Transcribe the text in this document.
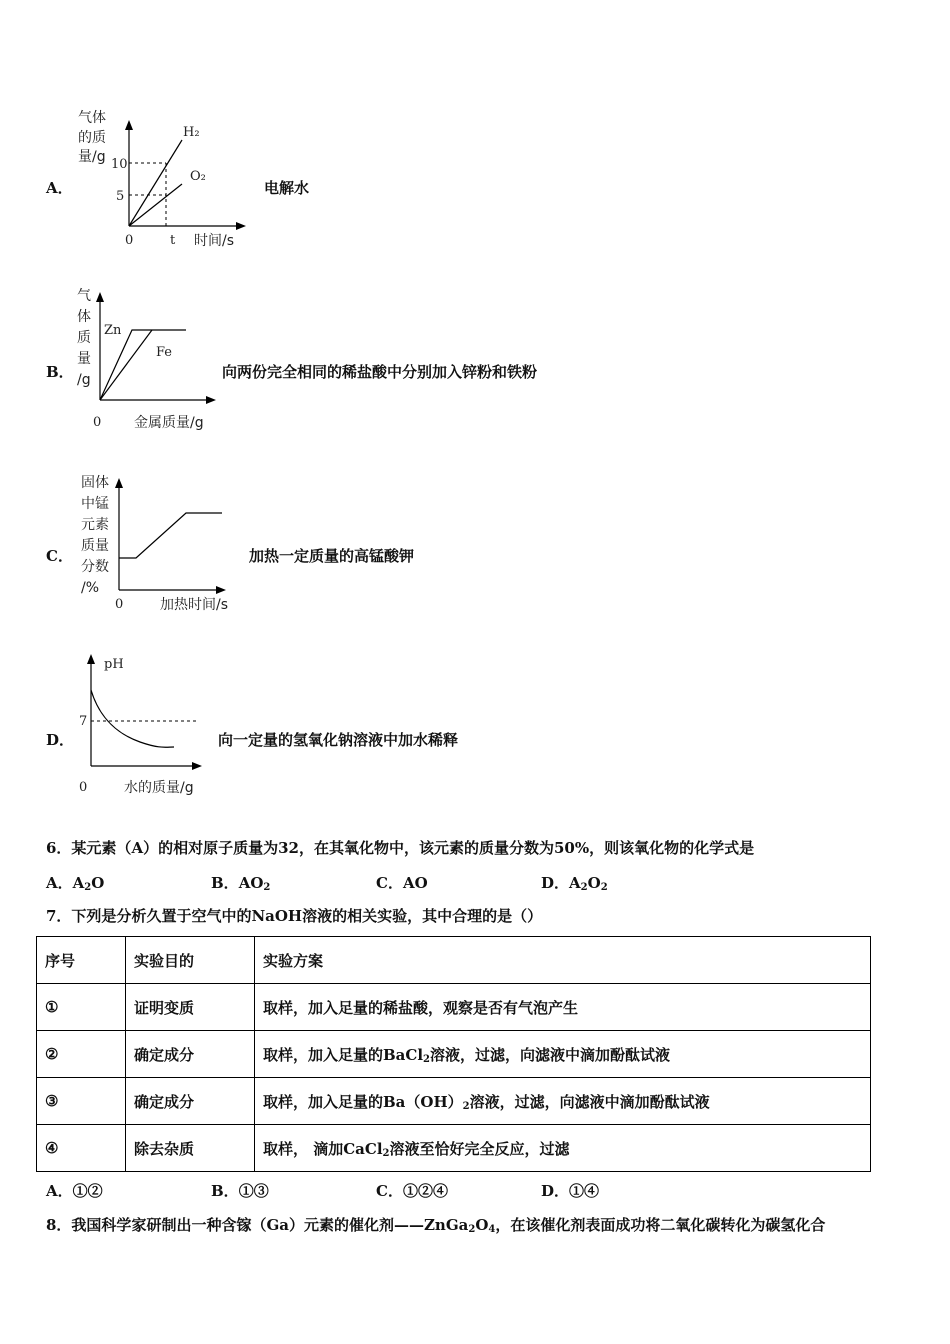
A．
气体
的质
量/g 10
5
H₂
O₂
0	t 时间/s
电解水
B．
气
体
质
量
/g
Zn
Fe
0 金属质量/g
向两份完全相同的稀盐酸中分别加入锌粉和铁粉
C．
固体
中锰
元素
质量
分数
/%
0	加热时间/s
加热一定质量的高锰酸钾
D．
pH
7
0	水的质量/g
向一定量的氢氧化钠溶液中加水稀释
6．某元素（A）的相对原子质量为32，在其氧化物中，该元素的质量分数为50%，则该氧化物的化学式是
A．$A_2O$	B．$AO_2$	C．AO	D．$A_2O_2$
7．下列是分析久置于空气中的NaOH溶液的相关实验，其中合理的是（）
序号	实验目的	实验方案
①	证明变质	取样，加入足量的稀盐酸，观察是否有气泡产生
②	确定成分	取样，加入足量的BaCl$_2$溶液，过滤，向滤液中滴加酚酞试液
③	确定成分	取样，加入足量的$Ba(OH)_2$溶液，过滤，向滤液中滴加酚酞试液
④	除去杂质	取样， 滴加CaCl$_2$溶液至恰好完全反应，过滤
A．①②	B．①③	C．①②④	D．①④
8．我国科学家研制出一种含镓（Ga）元素的催化剂$——ZnGa_2O_4$，在该催化剂表面成功将二氧化碳转化为碳氢化合
